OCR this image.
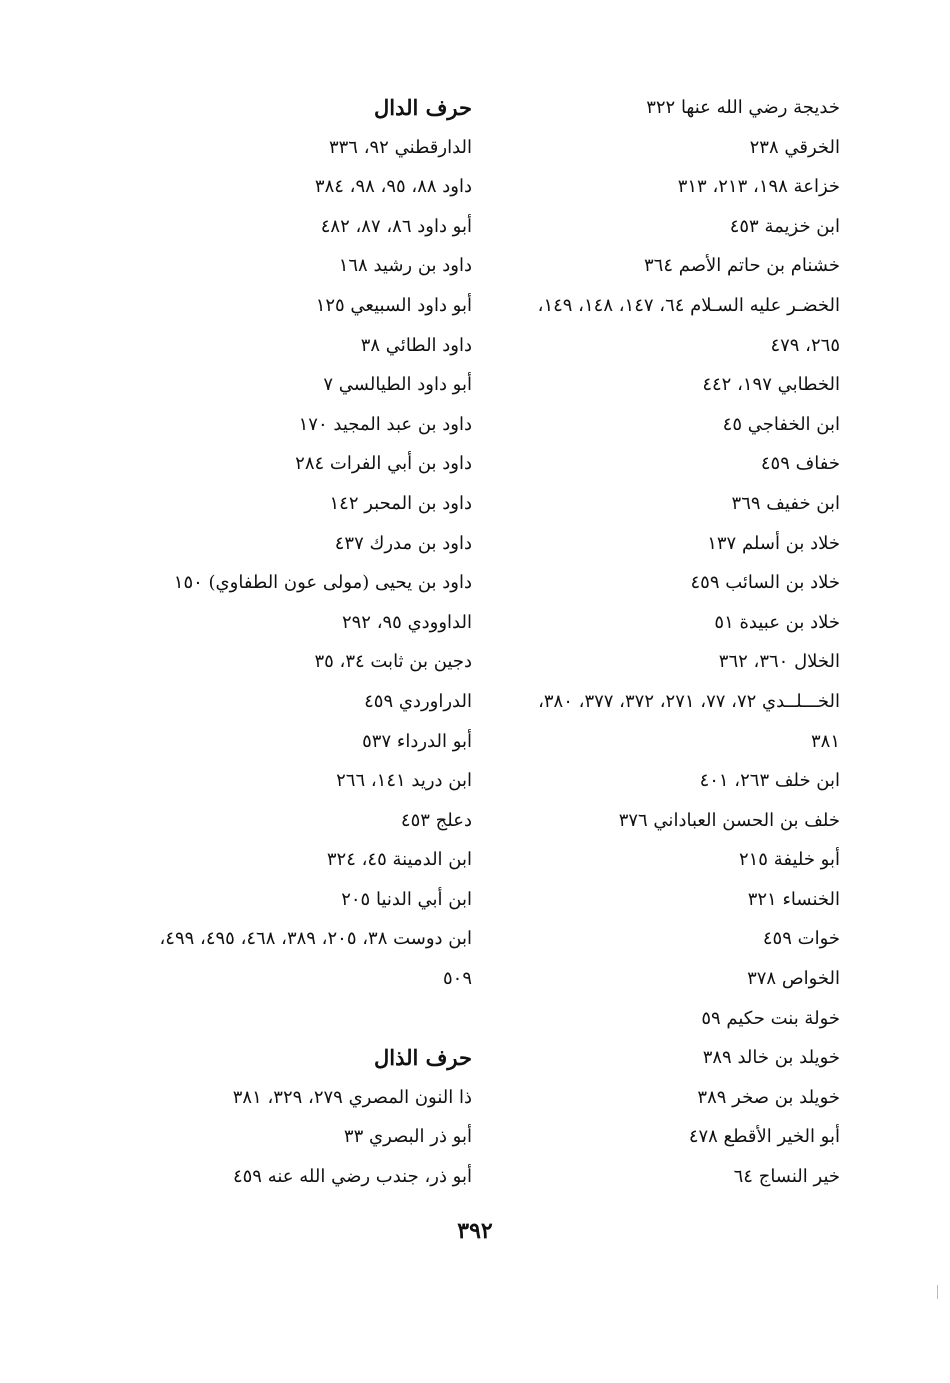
خديجة رضي الله عنها ٣٢٢
الخرقي ٢٣٨
خزاعة ١٩٨، ٢١٣، ٣١٣
ابن خزيمة ٤٥٣
خشنام بن حاتم الأصم ٣٦٤
الخضـر عليه السـلام ٦٤، ١٤٧، ١٤٨، ١٤٩،
٢٦٥، ٤٧٩
الخطابي ١٩٧، ٤٤٢
ابن الخفاجي ٤٥
خفاف ٤٥٩
ابن خفيف ٣٦٩
خلاد بن أسلم ١٣٧
خلاد بن السائب ٤٥٩
خلاد بن عبيدة ٥١
الخلال ٣٦٠، ٣٦٢
الخـــلــدي ٧٢، ٧٧، ٢٧١، ٣٧٢، ٣٧٧، ٣٨٠،
٣٨١
ابن خلف ٢٦٣، ٤٠١
خلف بن الحسن العباداني ٣٧٦
أبو خليفة ٢١٥
الخنساء ٣٢١
خوات ٤٥٩
الخواص ٣٧٨
خولة بنت حكيم ٥٩
خويلد بن خالد ٣٨٩
خويلد بن صخر ٣٨٩
أبو الخير الأقطع ٤٧٨
خير النساج ٦٤
حرف الدال
الدارقطني ٩٢، ٣٣٦
داود ٨٨، ٩٥، ٩٨، ٣٨٤
أبو داود ٨٦، ٨٧، ٤٨٢
داود بن رشيد ١٦٨
أبو داود السبيعي ١٢٥
داود الطائي ٣٨
أبو داود الطيالسي ٧
داود بن عبد المجيد ١٧٠
داود بن أبي الفرات ٢٨٤
داود بن المحبر ١٤٢
داود بن مدرك ٤٣٧
داود بن يحيى (مولى عون الطفاوي) ١٥٠
الداوودي ٩٥، ٢٩٢
دجين بن ثابت ٣٤، ٣٥
الدراوردي ٤٥٩
أبو الدرداء ٥٣٧
ابن دريد ١٤١، ٢٦٦
دعلج ٤٥٣
ابن الدمينة ٤٥، ٣٢٤
ابن أبي الدنيا ٢٠٥
ابن دوست ٣٨، ٢٠٥، ٣٨٩، ٤٦٨، ٤٩٥، ٤٩٩،
٥٠٩
حرف الذال
ذا النون المصري ٢٧٩، ٣٢٩، ٣٨١
أبو ذر البصري ٣٣
أبو ذر، جندب رضي الله عنه ٤٥٩
٣٩٢
